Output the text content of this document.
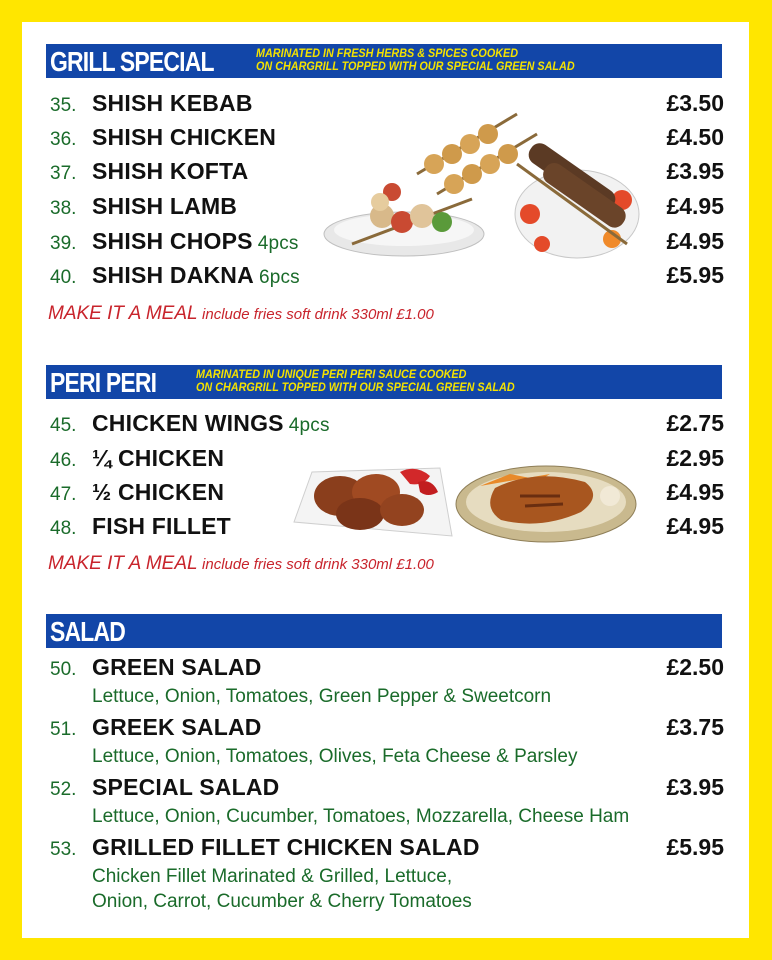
GRILL SPECIAL	MARINATED IN FRESH HERBS & SPICES COOKED
ON CHARGRILL TOPPED WITH OUR SPECIAL GREEN SALAD
35. SHISH KEBAB	£3.50
36. SHISH CHICKEN	£4.50
37. SHISH KOFTA	£3.95
38. SHISH LAMB	£4.95
39. SHISH CHOPS 4pcs	£4.95
40. SHISH DAKNA 6pcs	£5.95
MAKE IT A MEAL include fries soft drink 330ml £1.00
PERI PERI	MARINATED IN UNIQUE PERI PERI SAUCE COOKED
ON CHARGRILL TOPPED WITH OUR SPECIAL GREEN SALAD
45. CHICKEN WINGS 4pcs	£2.75
46. ¼ CHICKEN	£2.95
47. ½ CHICKEN	£4.95
48. FISH FILLET	£4.95
MAKE IT A MEAL include fries soft drink 330ml £1.00
SALAD
50. GREEN SALAD	£2.50
Lettuce, Onion, Tomatoes, Green Pepper & Sweetcorn
51. GREEK SALAD	£3.75
Lettuce, Onion, Tomatoes, Olives, Feta Cheese & Parsley
52. SPECIAL SALAD	£3.95
Lettuce, Onion, Cucumber, Tomatoes, Mozzarella, Cheese Ham
53. GRILLED FILLET CHICKEN SALAD	£5.95
Chicken Fillet Marinated & Grilled, Lettuce,
Onion, Carrot, Cucumber & Cherry Tomatoes
